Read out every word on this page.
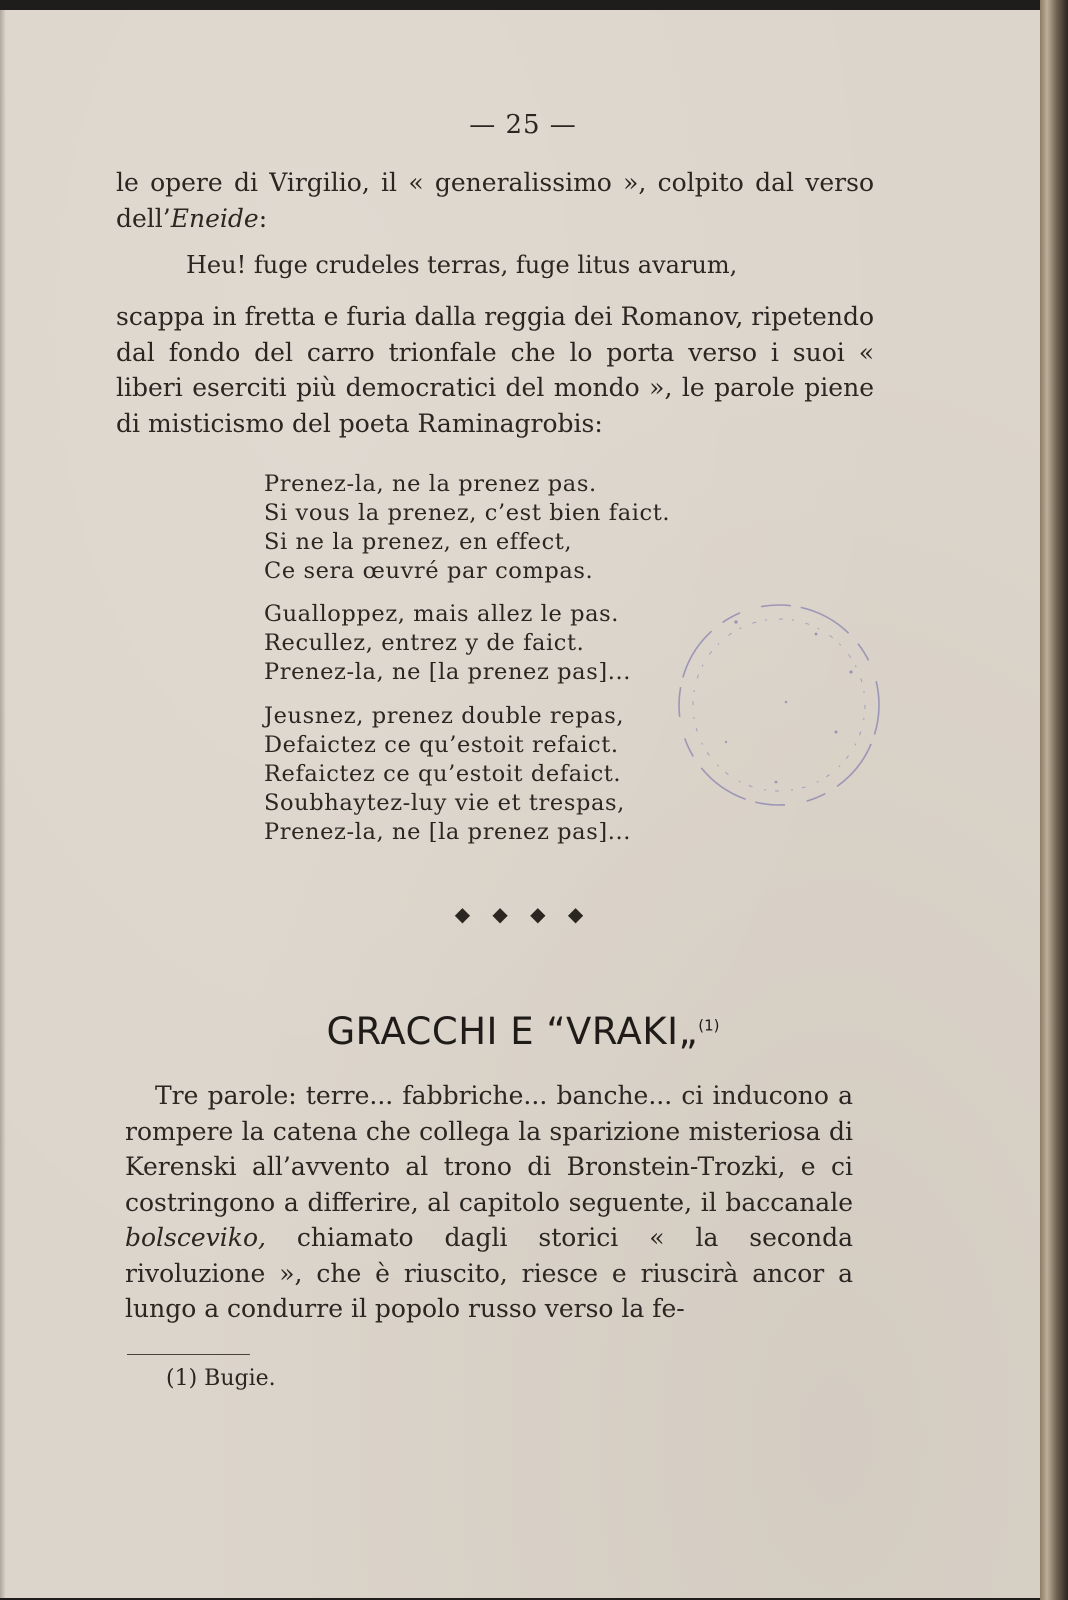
— 25 —

le opere di Virgilio, il « generalissimo », colpito dal verso dell’Eneide:

Heu! fuge crudeles terras, fuge litus avarum,

scappa in fretta e furia dalla reggia dei Romanov, ripetendo dal fondo del carro trionfale che lo porta verso i suoi « liberi eserciti più democratici del mondo », le parole piene di misticismo del poeta Raminagrobis:

Prenez-la, ne la prenez pas.
Si vous la prenez, c’est bien faict.
Si ne la prenez, en effect,
Ce sera œuvré par compas.
Gualloppez, mais allez le pas.
Recullez, entrez y de faict.
Prenez-la, ne [la prenez pas]...
Jeusnez, prenez double repas,
Defaictez ce qu’estoit refaict.
Refaictez ce qu’estoit defaict.
Soubhaytez-luy vie et trespas,
Prenez-la, ne [la prenez pas]...
◆ ◆ ◆ ◆
GRACCHI E “VRAKI„$^{(1)}$

Tre parole: terre... fabbriche... banche... ci inducono a rompere la catena che collega la sparizione misteriosa di Kerenski all’avvento al trono di Bronstein-Trozki, e ci costringono a differire, al capitolo seguente, il baccanale bolsceviko, chiamato dagli storici « la seconda rivoluzione », che è riuscito, riesce e riuscirà ancor a lungo a condurre il popolo russo verso la fe-

(1) Bugie.
